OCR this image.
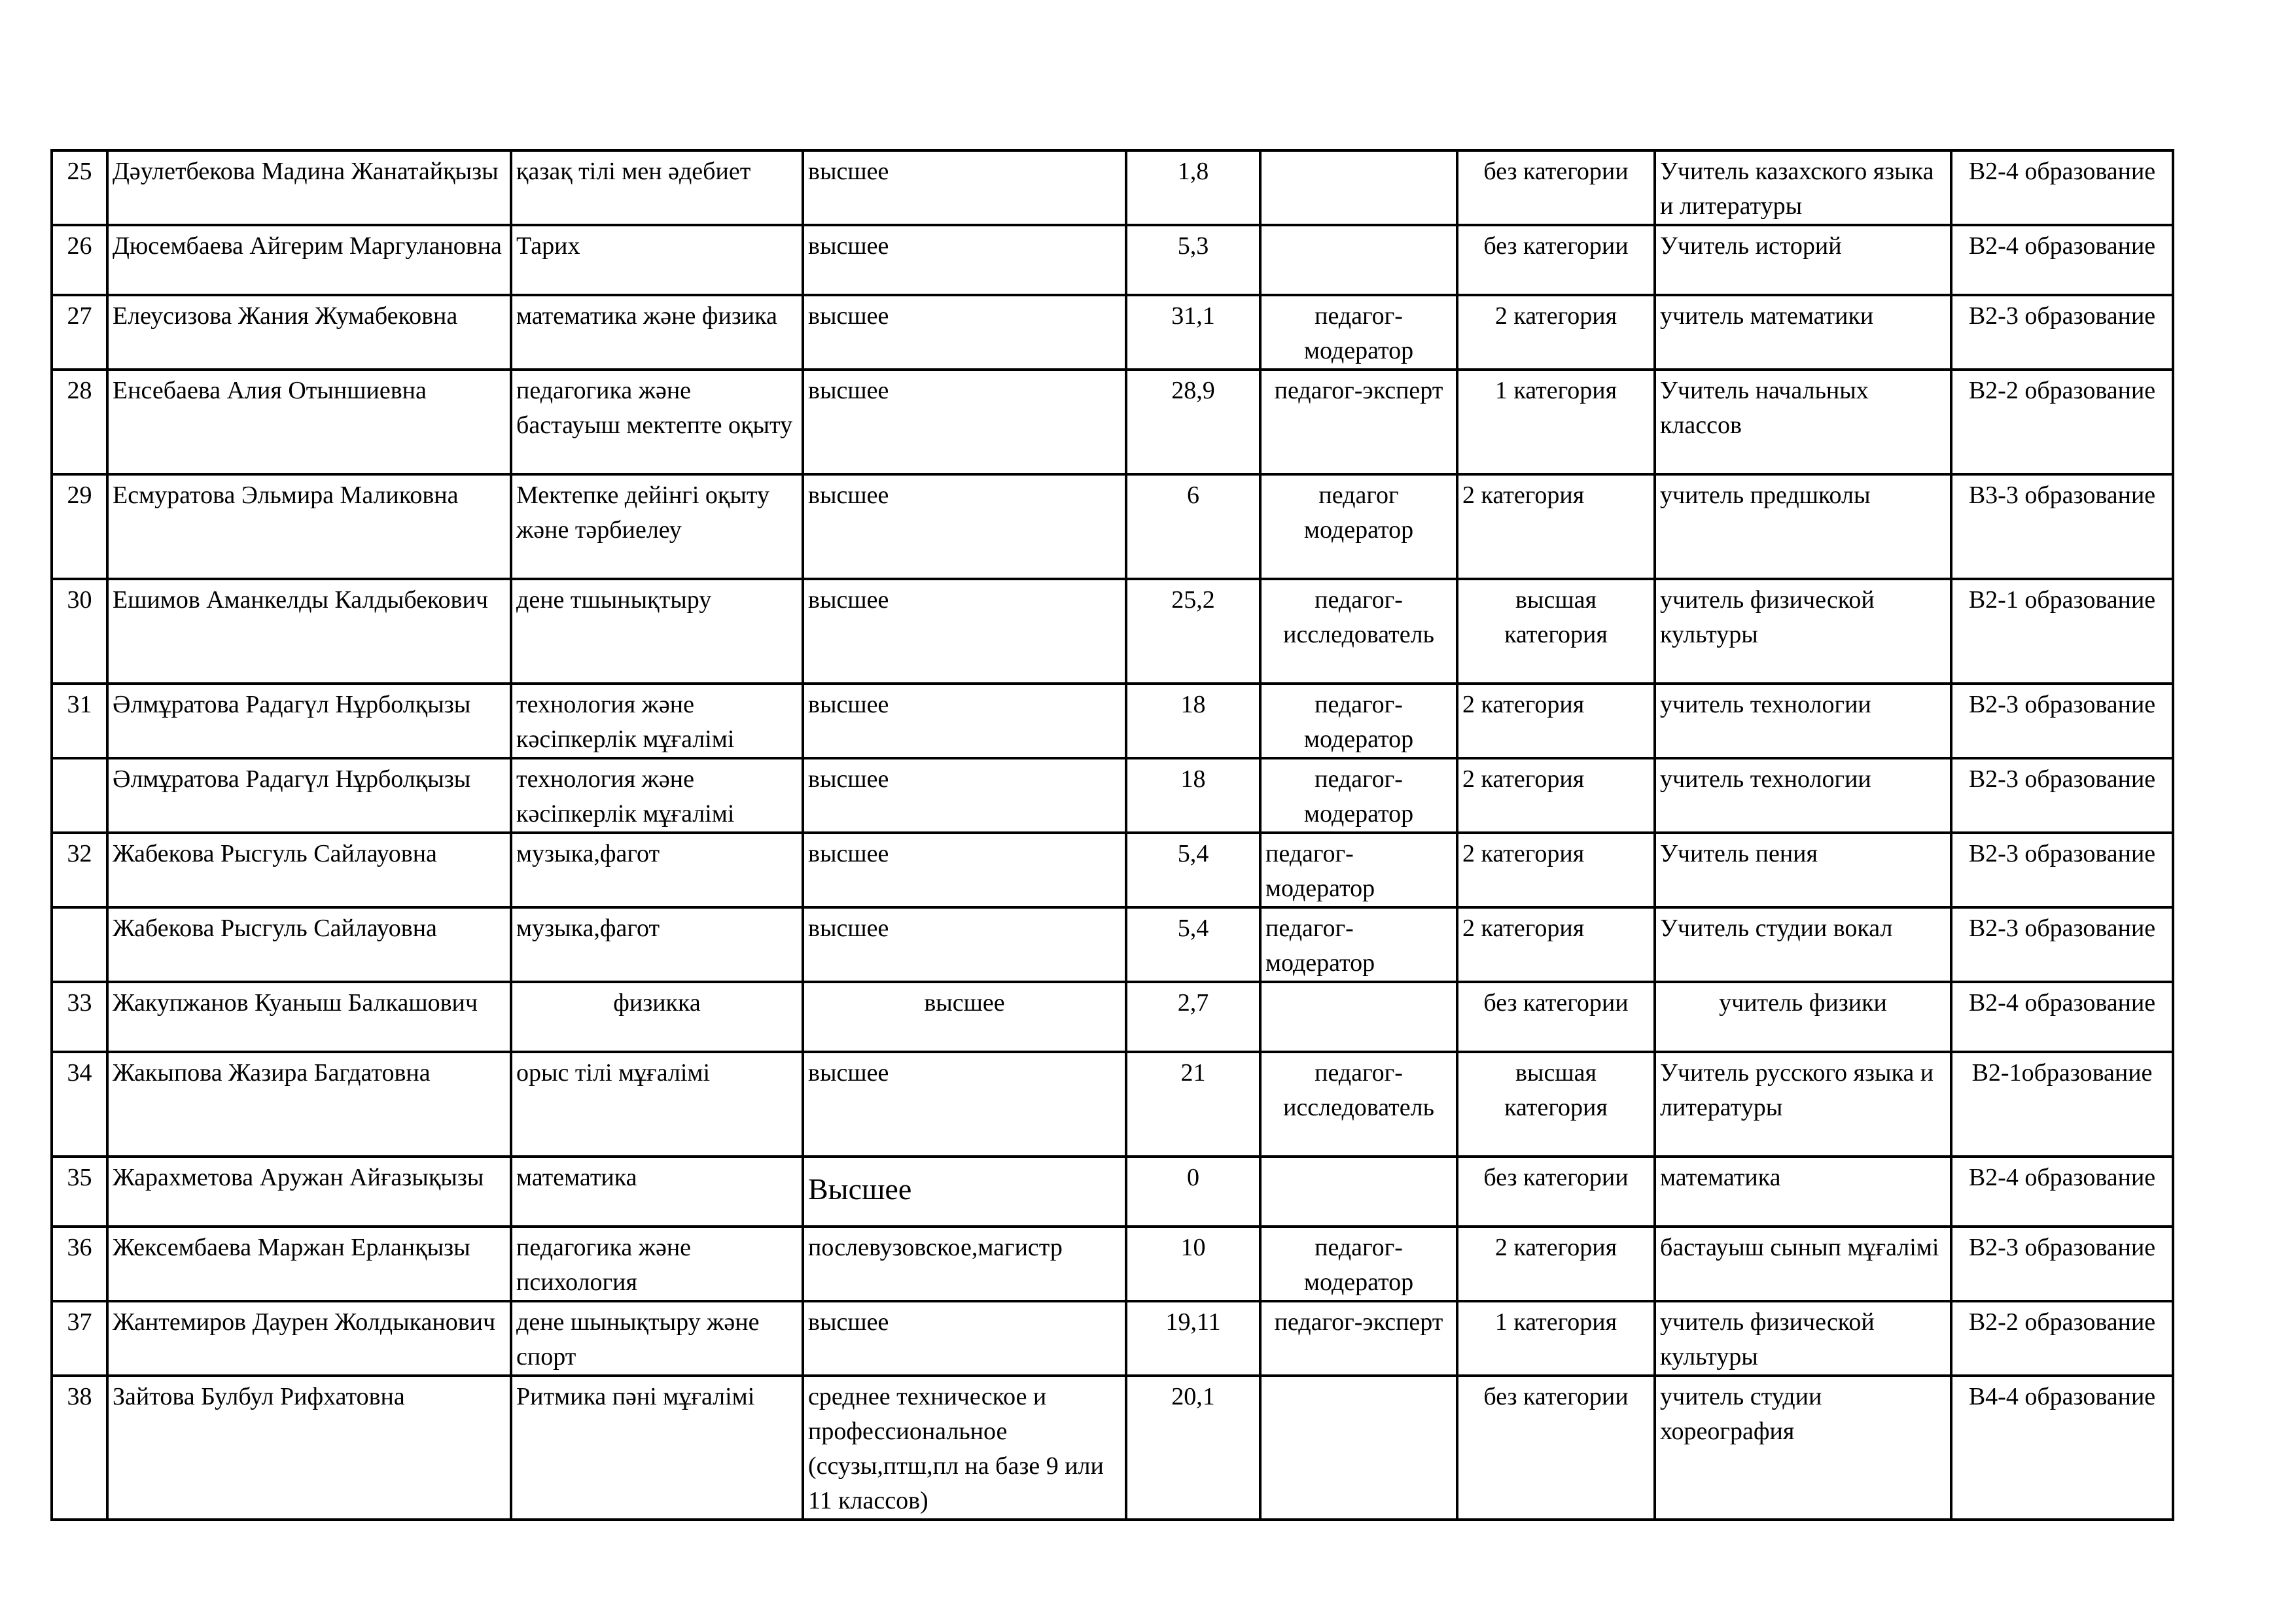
25	Дәулетбекова Мадина Жанатайқызы	қазақ тілі мен әдебиет	высшее	1,8		без категории	Учитель казахского языка и литературы	B2-4 образование
26	Дюсембаева Айгерим Маргулановна	Тарих	высшее	5,3		без категории	Учитель историй	B2-4 образование
27	Елеусизова Жания Жумабековна	математика және физика	высшее	31,1	педагог-модератор	2 категория	учитель математики	B2-3 образование
28	Енсебаева Алия Отыншиевна	педагогика және бастауыш мектепте оқыту	высшее	28,9	педагог-эксперт	1 категория	Учитель начальных классов	B2-2 образование
29	Есмуратова Эльмира Маликовна	Мектепке дейінгі оқыту және тәрбиелеу	высшее	6	педагог модератор	2 категория	учитель предшколы	B3-3 образование
30	Ешимов Аманкелды Калдыбекович	дене тшынықтыру	высшее	25,2	педагог-исследователь	высшая категория	учитель физической культуры	B2-1 образование
31	Әлмұратова Радагүл Нұрболқызы	технология және кәсіпкерлік мұғалімі	высшее	18	педагог-модератор	2 категория	учитель технологии	B2-3 образование
	Әлмұратова Радагүл Нұрболқызы	технология және кәсіпкерлік мұғалімі	высшее	18	педагог-модератор	2 категория	учитель технологии	B2-3 образование
32	Жабекова Рысгуль Сайлауовна	музыка,фагот	высшее	5,4	педагог-модератор	2 категория	Учитель пения	B2-3 образование
	Жабекова Рысгуль Сайлауовна	музыка,фагот	высшее	5,4	педагог-модератор	2 категория	Учитель студии вокал	B2-3 образование
33	Жакупжанов Куаныш Балкашович	физикка	высшее	2,7		без категории	учитель физики	B2-4 образование
34	Жакыпова Жазира Багдатовна	орыс тілі мұғалімі	высшее	21	педагог-исследователь	высшая категория	Учитель русского языка и литературы	B2-1образование
35	Жарахметова Аружан Айғазықызы	математика	Высшее	0		без категории	математика	B2-4 образование
36	Жексембаева Маржан Ерланқызы	педагогика және психология	послевузовское,магистр	10	педагог-модератор	2 категория	бастауыш сынып мұғалімі	B2-3 образование
37	Жантемиров Даурен Жолдыканович	дене шынықтыру және спорт	высшее	19,11	педагог-эксперт	1 категория	учитель физической культуры	B2-2 образование
38	Зайтова Булбул Рифхатовна	Ритмика пәні мұғалімі	среднее техническое и профессиональное (ссузы,птш,пл на базе 9 или 11 классов)	20,1		без категории	учитель студии хореография	B4-4 образование
